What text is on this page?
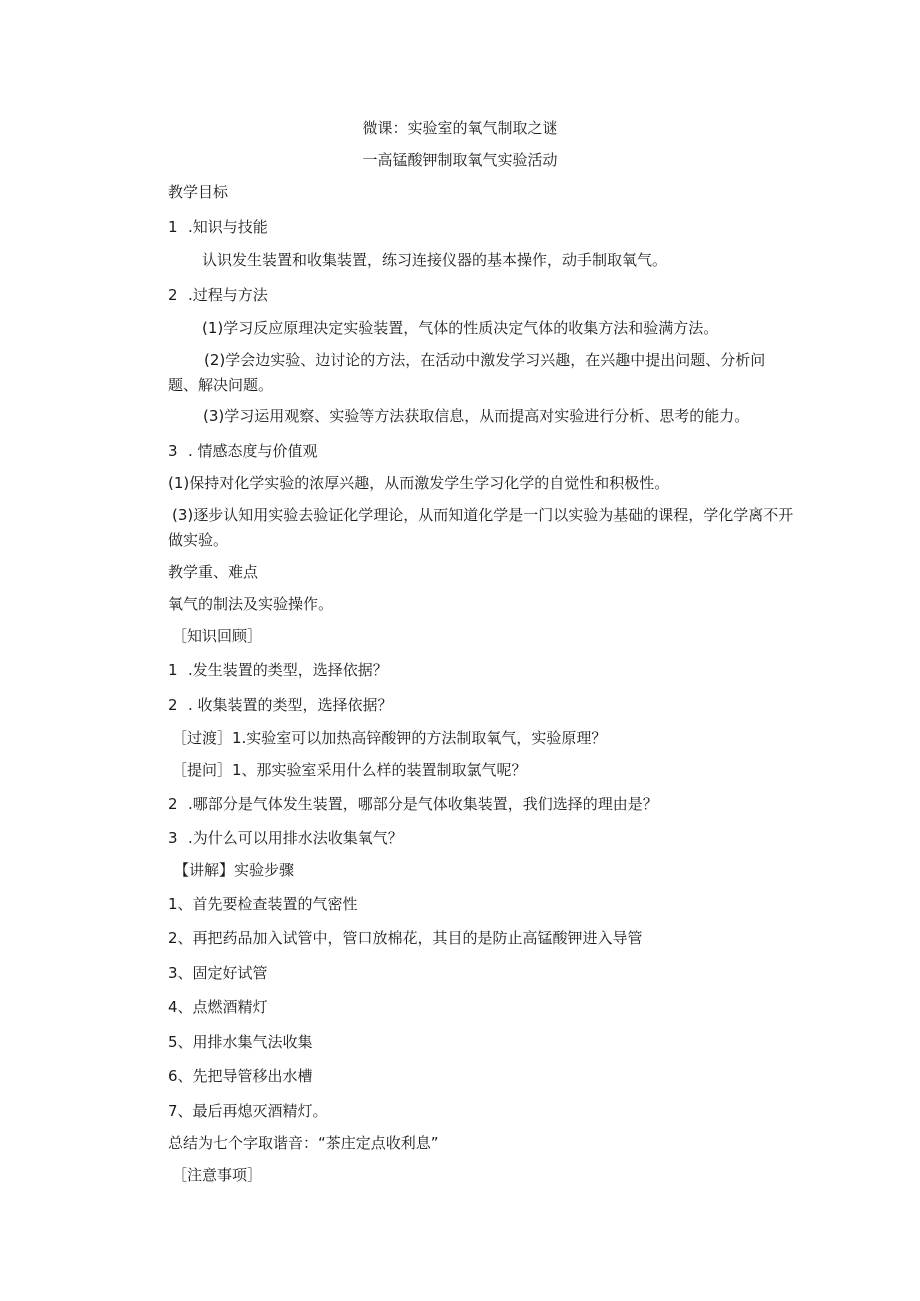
微课：实验室的氧气制取之谜

一高锰酸钾制取氧气实验活动

教学目标

1 .知识与技能

认识发生装置和收集装置，练习连接仪器的基本操作，动手制取氧气。

2 .过程与方法

(1)学习反应原理决定实验装置，气体的性质决定气体的收集方法和验满方法。

(2)学会边实验、边讨论的方法，在活动中激发学习兴趣，在兴趣中提出问题、分析问

题、解决问题。

(3)学习运用观察、实验等方法获取信息，从而提高对实验进行分析、思考的能力。

3 . 情感态度与价值观

(1)保持对化学实验的浓厚兴趣，从而激发学生学习化学的自觉性和积极性。

(3)逐步认知用实验去验证化学理论，从而知道化学是一门以实验为基础的课程，学化学离不开

做实验。

教学重、难点

氧气的制法及实验操作。

［知识回顾］

1 .发生装置的类型，选择依据？

2 . 收集装置的类型，选择依据？

［过渡］1.实验室可以加热高锌酸钾的方法制取氧气，实验原理？

［提问］1、那实验室采用什么样的装置制取氯气呢？

2 .哪部分是气体发生装置，哪部分是气体收集装置，我们选择的理由是？

3 .为什么可以用排水法收集氧气？

【讲解】实验步骤

1、首先要检查装置的气密性

2、再把药品加入试管中，管口放棉花，其目的是防止高锰酸钾进入导管

3、固定好试管

4、点燃酒精灯

5、用排水集气法收集

6、先把导管移出水槽

7、最后再熄灭酒精灯。

总结为七个字取谐音：“茶庄定点收利息”

［注意事项］
